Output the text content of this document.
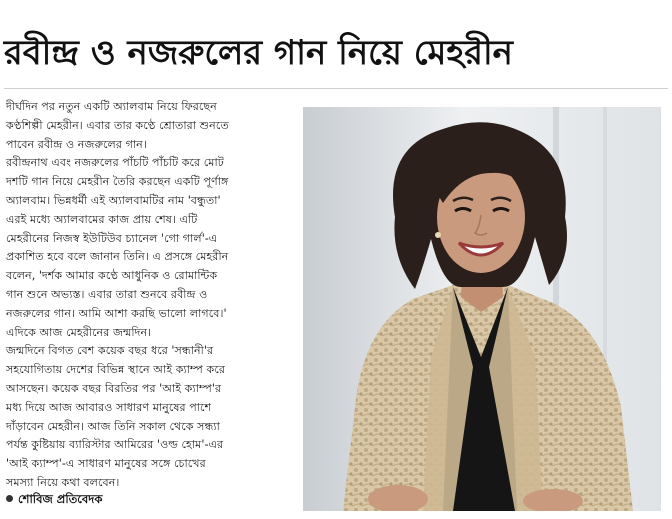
রবীন্দ্র ও নজরুলের গান নিয়ে মেহরীন

দীর্ঘদিন পর নতুন একটি অ্যালবাম নিয়ে ফিরছেন

কণ্ঠশিল্পী মেহরীন। এবার তার কণ্ঠে শ্রোতারা শুনতে

পাবেন রবীন্দ্র ও নজরুলের গান।

রবীন্দ্রনাথ এবং নজরুলের পাঁচটি পাঁচটি করে মোট

দশটি গান নিয়ে মেহরীন তৈরি করছেন একটি পূর্ণাঙ্গ

অ্যালবাম। ভিন্নধর্মী এই অ্যালবামটির নাম 'বন্ধুতা'

এরই মধ্যে অ্যালবামের কাজ প্রায় শেষ। এটি

মেহরীনের নিজস্ব ইউটিউব চ্যানেল 'গো গার্ল'-এ

প্রকাশিত হবে বলে জানান তিনি। এ প্রসঙ্গে মেহরীন

বলেন, 'দর্শক আমার কণ্ঠে আধুনিক ও রোমান্টিক

গান শুনে অভ্যস্ত। এবার তারা শুনবে রবীন্দ্র ও

নজরুলের গান। আমি আশা করছি ভালো লাগবে।'

এদিকে আজ মেহরীনের জন্মদিন।

জন্মদিনে বিগত বেশ কয়েক বছর ধরে 'সন্ধানী'র

সহযোগিতায় দেশের বিভিন্ন স্থানে আই ক্যাম্প করে

আসছেন। কয়েক বছর বিরতির পর 'আই ক্যাম্প'র

মধ্য দিয়ে আজ আবারও সাধারণ মানুষের পাশে

দাঁড়াবেন মেহরীন। আজ তিনি সকাল থেকে সন্ধ্যা

পর্যন্ত কুষ্টিয়ায় ব্যারিস্টার আমিরের 'ওল্ড হোম'-এর

'আই ক্যাম্প'-এ সাধারণ মানুষের সঙ্গে চোখের

সমস্যা নিয়ে কথা বলবেন।

শোবিজ প্রতিবেদক
